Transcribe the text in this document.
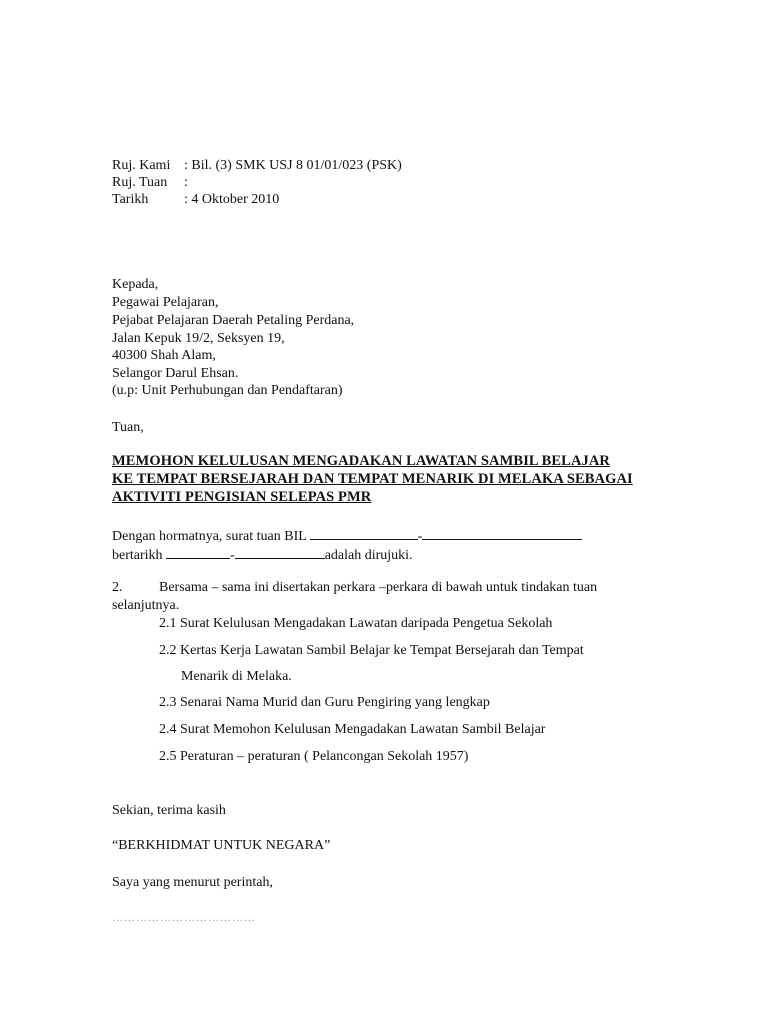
Ruj. Kami : Bil. (3) SMK USJ 8 01/01/023 (PSK)
Ruj. Tuan	:
Tarikh	: 4 Oktober 2010
Kepada,
Pegawai Pelajaran,
Pejabat Pelajaran Daerah Petaling Perdana,
Jalan Kepuk 19/2, Seksyen 19,
40300 Shah Alam,
Selangor Darul Ehsan.
(u.p: Unit Perhubungan dan Pendaftaran)
Tuan,
MEMOHON KELULUSAN MENGADAKAN LAWATAN SAMBIL BELAJAR
KE TEMPAT BERSEJARAH DAN TEMPAT MENARIK DI MELAKA SEBAGAI
AKTIVITI PENGISIAN SELEPAS PMR
Dengan hormatnya, surat tuan BIL	-
bertarikh	-	adalah dirujuki.
2.	Bersama – sama ini disertakan perkara –perkara di bawah untuk tindakan tuan
selanjutnya.
2.1 Surat Kelulusan Mengadakan Lawatan daripada Pengetua Sekolah
2.2 Kertas Kerja Lawatan Sambil Belajar ke Tempat Bersejarah dan Tempat
Menarik di Melaka.
2.3 Senarai Nama Murid dan Guru Pengiring yang lengkap
2.4 Surat Memohon Kelulusan Mengadakan Lawatan Sambil Belajar
2.5 Peraturan – peraturan ( Pelancongan Sekolah 1957)
Sekian, terima kasih
“BERKHIDMAT UNTUK NEGARA”
Saya yang menurut perintah,
………………………………
